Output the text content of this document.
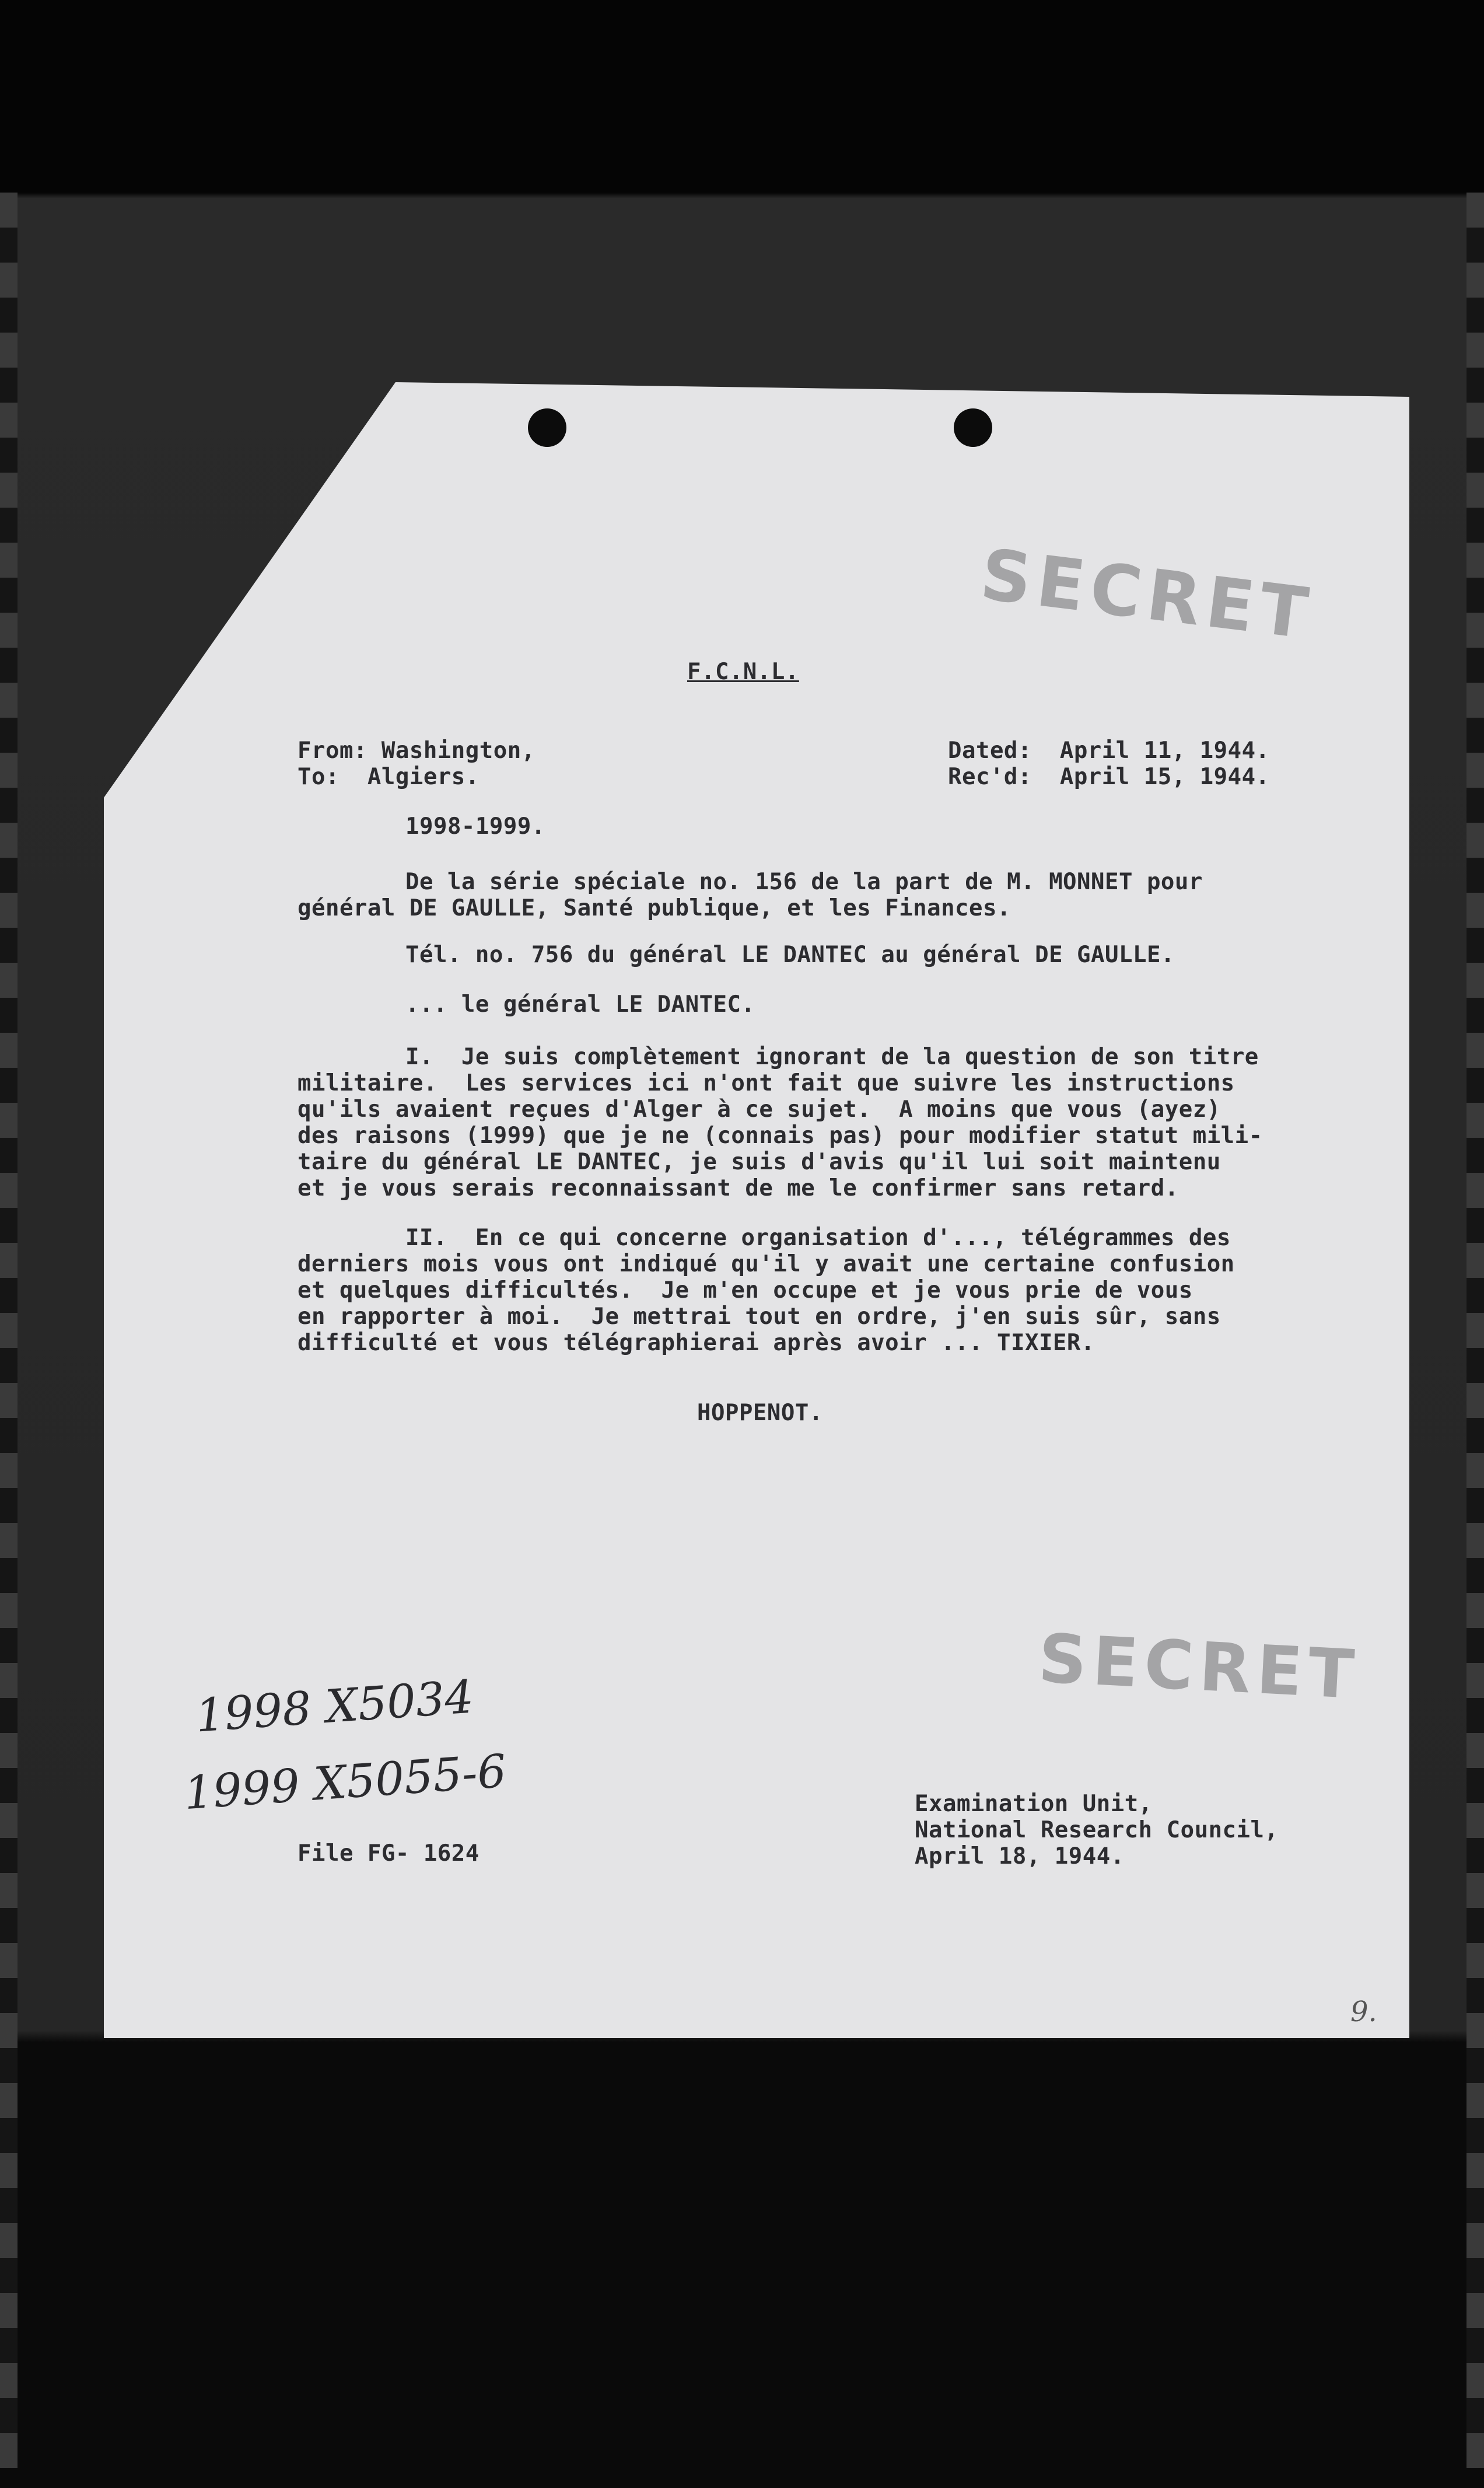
SECRET
SECRET
F.C.N.L.
From: Washington,
To:  Algiers.
Dated:  April 11, 1944.
Rec'd:  April 15, 1944.
1998-1999.
De la série spéciale no. 156 de la part de M. MONNET pour
général DE GAULLE, Santé publique, et les Finances.
Tél. no. 756 du général LE DANTEC au général DE GAULLE.
... le général LE DANTEC.
I.  Je suis complètement ignorant de la question de son titre
militaire.  Les services ici n'ont fait que suivre les instructions
qu'ils avaient reçues d'Alger à ce sujet.  A moins que vous (ayez)
des raisons (1999) que je ne (connais pas) pour modifier statut mili-
taire du général LE DANTEC, je suis d'avis qu'il lui soit maintenu
et je vous serais reconnaissant de me le confirmer sans retard.
II.  En ce qui concerne organisation d'..., télégrammes des
derniers mois vous ont indiqué qu'il y avait une certaine confusion
et quelques difficultés.  Je m'en occupe et je vous prie de vous
en rapporter à moi.  Je mettrai tout en ordre, j'en suis sûr, sans
difficulté et vous télégraphierai après avoir ... TIXIER.
HOPPENOT.
1998 X5034
1999 X5055-6
File FG- 1624
Examination Unit,
National Research Council,
April 18, 1944.
9.
